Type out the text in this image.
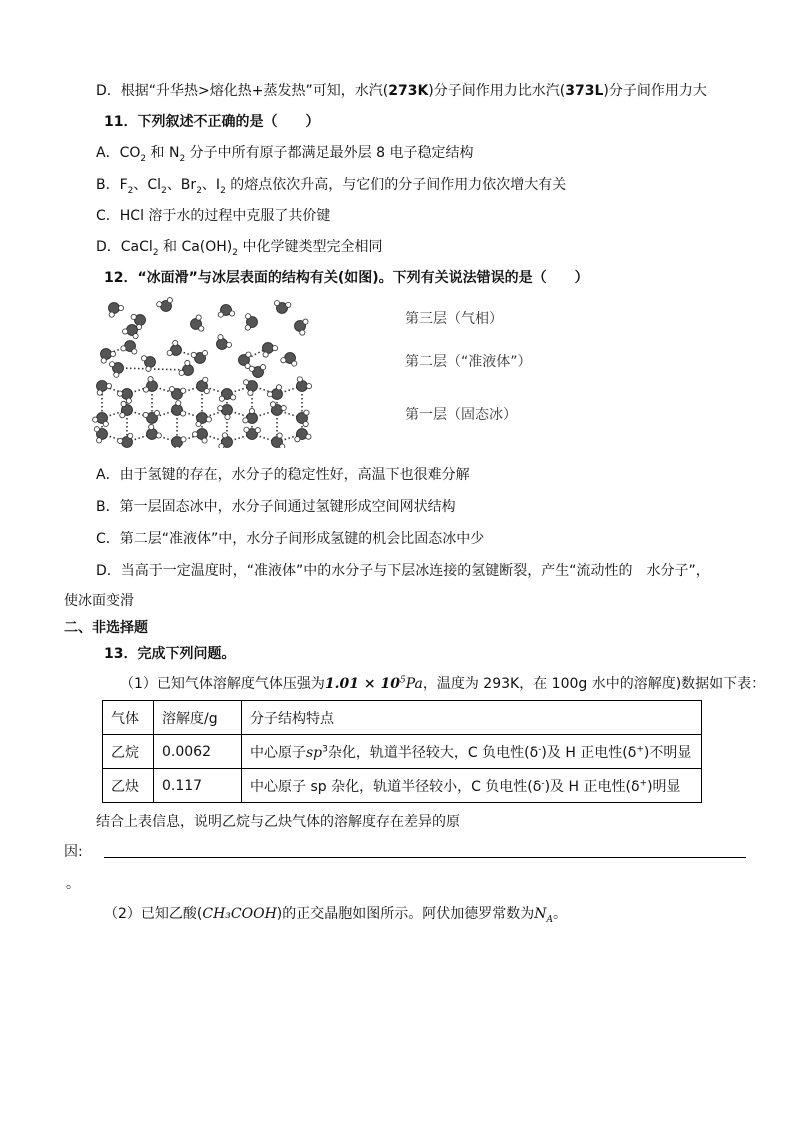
D．根据“升华热>熔化热+蒸发热”可知，水汽(273K)分子间作用力比水汽(373L)分子间作用力大
11．下列叙述不正确的是（　　）
A．$CO_2$ 和 $N_2$ 分子中所有原子都满足最外层 8 电子稳定结构
B．$F_2$、$Cl_2$、$Br_2$、$I_2$ 的熔点依次升高，与它们的分子间作用力依次增大有关
C．HCl 溶于水的过程中克服了共价键
D．CaCl$_2$ 和 $Ca(OH)_2$ 中化学键类型完全相同
12．“冰面滑”与冰层表面的结构有关(如图)。下列有关说法错误的是（　　）
第三层（气相）
第二层（“准液体”）
第一层（固态冰）
A．由于氢键的存在，水分子的稳定性好，高温下也很难分解
B．第一层固态冰中，水分子间通过氢键形成空间网状结构
C．第二层“准液体”中，水分子间形成氢键的机会比固态冰中少
D．当高于一定温度时，“准液体”中的水分子与下层冰连接的氢键断裂，产生“流动性的　水分子”，
使冰面变滑
二、非选择题
13．完成下列问题。
（1）已知气体溶解度气体压强为$1.01 \times 10^5Pa$，温度为 293K，在 100g 水中的溶解度)数据如下表：
气体	溶解度/g	分子结构特点
乙烷	0.0062	中心原子$sp^3$杂化，轨道半径较大，C 负电性(δ-)及 H 正电性(δ+)不明显
乙炔	0.117	中心原子 sp 杂化，轨道半径较小，C 负电性(δ-)及 H 正电性(δ+)明显
结合上表信息，说明乙烷与乙炔气体的溶解度存在差异的原
因:
。
（2）已知乙酸(CH₃COOH)的正交晶胞如图所示。阿伏加德罗常数为$N_A$。
